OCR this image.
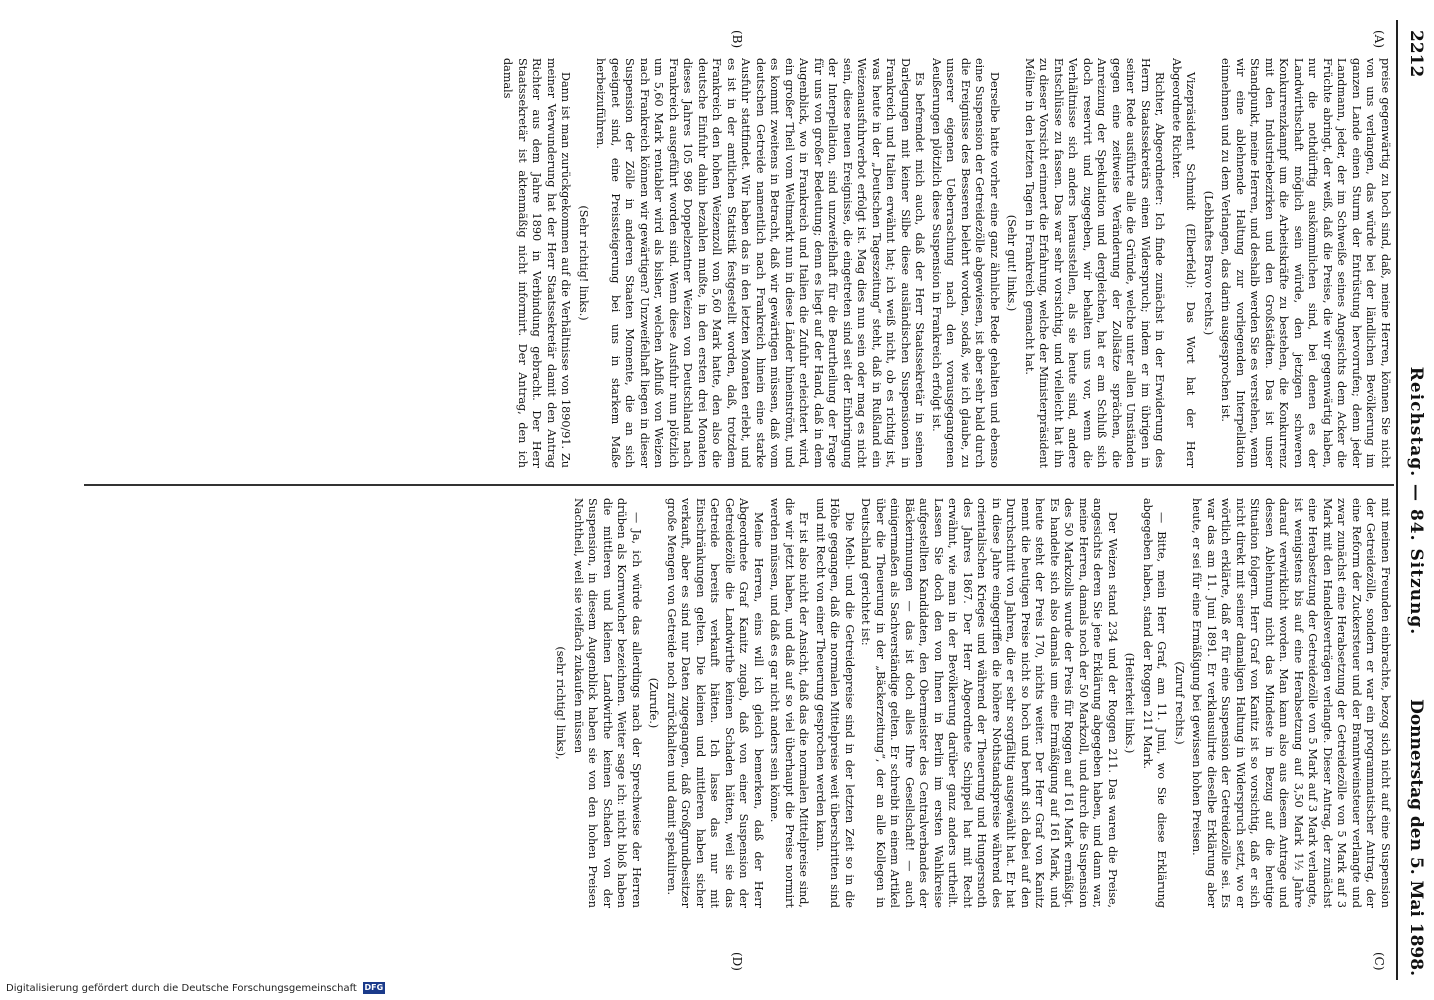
2212
Reichstag. — 84. Sitzung.
Donnerstag den 5. Mai 1898.
(A)
(B)
(C)
(D)

preise gegenwärtig zu hoch sind, daß, meine Herren, können Sie nicht von uns verlangen, das würde bei der ländlichen Bevölkerung im ganzen Lande einen Sturm der Entrüstung hervorrufen; denn jeder Landmann, jeder, der im Schweiße seines Angesichts dem Acker die Früchte abringt, der weiß, daß die Preise, die wir gegenwärtig haben, nur die nothdürftig auskömmlichen sind, bei denen es der Landwirthschaft möglich sein würde, den jetzigen schweren Konkurrenzkampf um die Arbeitskräfte zu bestehen, die Konkurrenz mit den Industriebezirken und den Großstädten. Das ist unser Standpunkt, meine Herren, und deshalb werden Sie es verstehen, wenn wir eine ablehnende Haltung zur vorliegenden Interpellation einnehmen und zu dem Verlangen, das darin ausgesprochen ist.

(Lebhaftes Bravo rechts.)

Vizepräsident Schmidt (Elberfeld): Das Wort hat der Herr Abgeordnete Richter.

Richter, Abgeordneter: Ich finde zunächst in der Erwiderung des Herrn Staatssekretärs einen Widerspruch; indem er im übrigen in seiner Rede ausführte alle die Gründe, welche unter allen Umständen gegen eine zeitweise Veränderung der Zollsätze sprächen, die Anreizung der Spekulation und dergleichen, hat er am Schluß sich doch reservirt und zugegeben, wir behalten uns vor, wenn die Verhältnisse sich anders herausstellen, als sie heute sind, andere Entschlüsse zu fassen. Das war sehr vorsichtig, und vielleicht hat ihn zu dieser Vorsicht erinnert die Erfahrung, welche der Ministerpräsident Méline in den letzten Tagen in Frankreich gemacht hat.

(Sehr gut! links.)

Derselbe hatte vorher eine ganz ähnliche Rede gehalten und ebenso eine Suspension der Getreidezölle abgewiesen, ist aber sehr bald durch die Ereignisse des Besseren belehrt worden, sodaß, wie ich glaube, zu unserer eigenen Ueberraschung nach den vorausgegangenen Aeußerungen plötzlich diese Suspension in Frankreich erfolgt ist.

Es befremdet mich auch, daß der Herr Staatssekretär in seinen Darlegungen mit keiner Silbe diese ausländischen Suspensionen in Frankreich und Italien erwähnt hat; ich weiß nicht, ob es richtig ist, was heute in der „Deutschen Tageszeitung“ steht, daß in Rußland ein Weizenausfuhrverbot erfolgt ist. Mag dies nun sein oder mag es nicht sein, diese neuen Ereignisse, die eingetreten sind seit der Einbringung der Interpellation, sind unzweifelhaft für die Beurtheilung der Frage für uns von großer Bedeutung; denn es liegt auf der Hand, daß in dem Augenblick, wo in Frankreich und Italien die Zufuhr erleichtert wird, ein großer Theil vom Weltmarkt nun in diese Länder hineinströmt, und es kommt zweitens in Betracht, daß wir gewärtigen müssen, daß vom deutschen Getreide namentlich nach Frankreich hinein eine starke Ausfuhr stattfindet. Wir haben das in den letzten Monaten erlebt, und es ist in der amtlichen Statistik festgestellt worden, daß, trotzdem Frankreich den hohen Weizenzoll von 5,60 Mark hatte, den also die deutsche Einfuhr dahin bezahlen mußte, in den ersten drei Monaten dieses Jahres 105 986 Doppelzentner Weizen von Deutschland nach Frankreich ausgeführt worden sind. Wenn diese Ausfuhr nun plötzlich um 5,60 Mark rentabler wird als bisher, welchen Abfluß von Weizen nach Frankreich können wir gewärtigen? Unzweifelhaft liegen in dieser Suspension der Zölle in anderen Staaten Momente, die an sich geeignet sind, eine Preissteigerung bei uns in starkem Maße herbeizuführen.

(Sehr richtig! links.)

Dann ist man zurückgekommen auf die Verhältnisse von 1890/91. Zu meiner Verwunderung hat der Herr Staatssekretär damit den Antrag Richter aus dem Jahre 1890 in Verbindung gebracht. Der Herr Staatssekretär ist aktenmäßig nicht informirt. Der Antrag, den ich damals

mit meinen Freunden einbrachte, bezog sich nicht auf eine Suspension der Getreidezölle, sondern er war ein programmatischer Antrag, der eine Reform der Zuckersteuer und der Branntweinsteuer verlangte und zwar zunächst eine Herabsetzung der Getreidezölle von 5 Mark auf 3 Mark mit den Handelsverträgen verlangte. Dieser Antrag, der zunächst eine Herabsetzung der Getreidezölle von 5 Mark auf 3 Mark verlangte, ist wenigstens bis auf eine Herabsetzung auf 3,50 Mark 1½ Jahre darauf verwirklicht worden. Man kann also aus diesem Antrage und dessen Ablehnung nicht das Mindeste in Bezug auf die heutige Situation folgern. Herr Graf von Kanitz ist so vorsichtig, daß er sich nicht direkt mit seiner damaligen Haltung in Widerspruch setzt, wo er wörtlich erklärte, daß er für eine Suspension der Getreidezölle sei. Es war das am 11. Juni 1891. Er verklausulirte dieselbe Erklärung aber heute, er sei für eine Ermäßigung bei gewissen hohen Preisen.

(Zuruf rechts.)

— Bitte, mein Herr Graf, am 11. Juni, wo Sie diese Erklärung abgegeben haben, stand der Roggen 211 Mark.

(Heiterkeit links.)

Der Weizen stand 234 und der Roggen 211. Das waren die Preise, angesichts deren Sie jene Erklärung abgegeben haben, und dann war, meine Herren, damals noch der 50 Markzoll, und durch die Suspension des 50 Markzolls wurde der Preis für Roggen auf 161 Mark ermäßigt. Es handelte sich also damals um eine Ermäßigung auf 161 Mark, und heute steht der Preis 170, nichts weiter. Der Herr Graf von Kanitz nennt die heutigen Preise nicht so hoch und beruft sich dabei auf den Durchschnitt von Jahren, die er sehr sorgfältig ausgewählt hat. Er hat in diese Jahre eingegriffen die höhere Nothstandspreise während des orientalischen Krieges und während der Theuerung und Hungersnoth des Jahres 1867. Der Herr Abgeordnete Schippel hat mit Recht erwähnt, wie man in der Bevölkerung darüber ganz anders urtheilt. Lassen Sie doch den von Ihnen in Berlin im ersten Wahlkreise aufgestellten Kandidaten, den Obermeister des Centralverbandes der Bäckerinnungen — das ist doch alles Ihre Gesellschaft! — auch einigermaßen als Sachverständige gelten. Er schreibt in einem Artikel über die Theuerung in der „Bäckerzeitung“, der an alle Kollegen in Deutschland gerichtet ist:

Die Mehl- und die Getreidepreise sind in der letzten Zeit so in die Höhe gegangen, daß die normalen Mittelpreise weit überschritten sind und mit Recht von einer Theuerung gesprochen werden kann.

Er ist also nicht der Ansicht, daß das die normalen Mittelpreise sind, die wir jetzt haben, und daß auf so viel überhaupt die Preise normirt werden müssen, und daß es gar nicht anders sein könne.

Meine Herren, eins will ich gleich bemerken, daß der Herr Abgeordnete Graf Kanitz zugab, daß von einer Suspension der Getreidezölle die Landwirthe keinen Schaden hätten, weil sie das Getreide bereits verkauft hätten. Ich lasse das nur mit Einschränkungen gelten. Die kleinen und mittleren haben sicher verkauft, aber es sind nur Daten zugegangen, daß Großgrundbesitzer große Mengen von Getreide noch zurückhalten und damit spekuliren.

(Zurufe.)

— Ja, ich würde das allerdings nach der Sprechweise der Herren drüben als Kornwucher bezeichnen. Weiter sage ich: nicht bloß haben die mittleren und kleinen Landwirthe keinen Schaden von der Suspension, in diesem Augenblick haben sie von den hohen Preisen Nachtheil, weil sie vielfach zukaufen müssen

(sehr richtig! links),

Digitalisierung gefördert durch die Deutsche Forschungsgemeinschaft DFG
